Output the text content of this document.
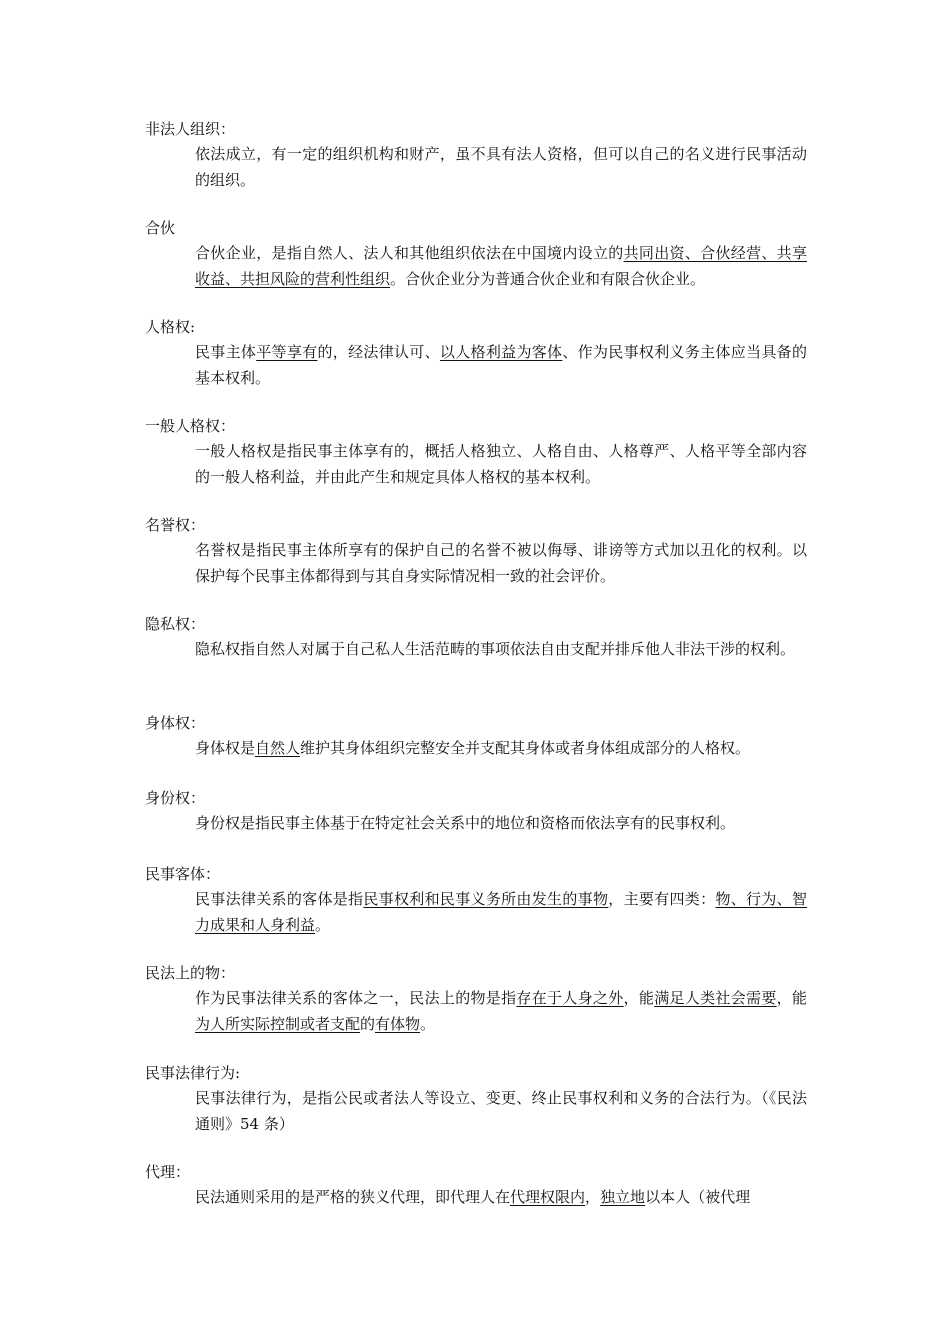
非法人组织：
依法成立，有一定的组织机构和财产，虽不具有法人资格，但可以自己的名义进行民事活动的组织。
合伙
合伙企业，是指自然人、法人和其他组织依法在中国境内设立的共同出资、合伙经营、共享收益、共担风险的营利性组织。合伙企业分为普通合伙企业和有限合伙企业。
人格权:
民事主体平等享有的，经法律认可、以人格利益为客体、作为民事权利义务主体应当具备的基本权利。
一般人格权：
一般人格权是指民事主体享有的，概括人格独立、人格自由、人格尊严、人格平等全部内容的一般人格利益，并由此产生和规定具体人格权的基本权利。
名誉权：
名誉权是指民事主体所享有的保护自己的名誉不被以侮辱、诽谤等方式加以丑化的权利。以保护每个民事主体都得到与其自身实际情况相一致的社会评价。
隐私权：
隐私权指自然人对属于自己私人生活范畴的事项依法自由支配并排斥他人非法干涉的权利。
身体权：
身体权是自然人维护其身体组织完整安全并支配其身体或者身体组成部分的人格权。
身份权：
身份权是指民事主体基于在特定社会关系中的地位和资格而依法享有的民事权利。
民事客体：
民事法律关系的客体是指民事权利和民事义务所由发生的事物，主要有四类：物、行为、智力成果和人身利益。
民法上的物：
作为民事法律关系的客体之一，民法上的物是指存在于人身之外，能满足人类社会需要，能为人所实际控制或者支配的有体物。
民事法律行为:
民事法律行为，是指公民或者法人等设立、变更、终止民事权利和义务的合法行为。（《民法通则》54 条）
代理：
民法通则采用的是严格的狭义代理，即代理人在代理权限内，独立地以本人（被代理
